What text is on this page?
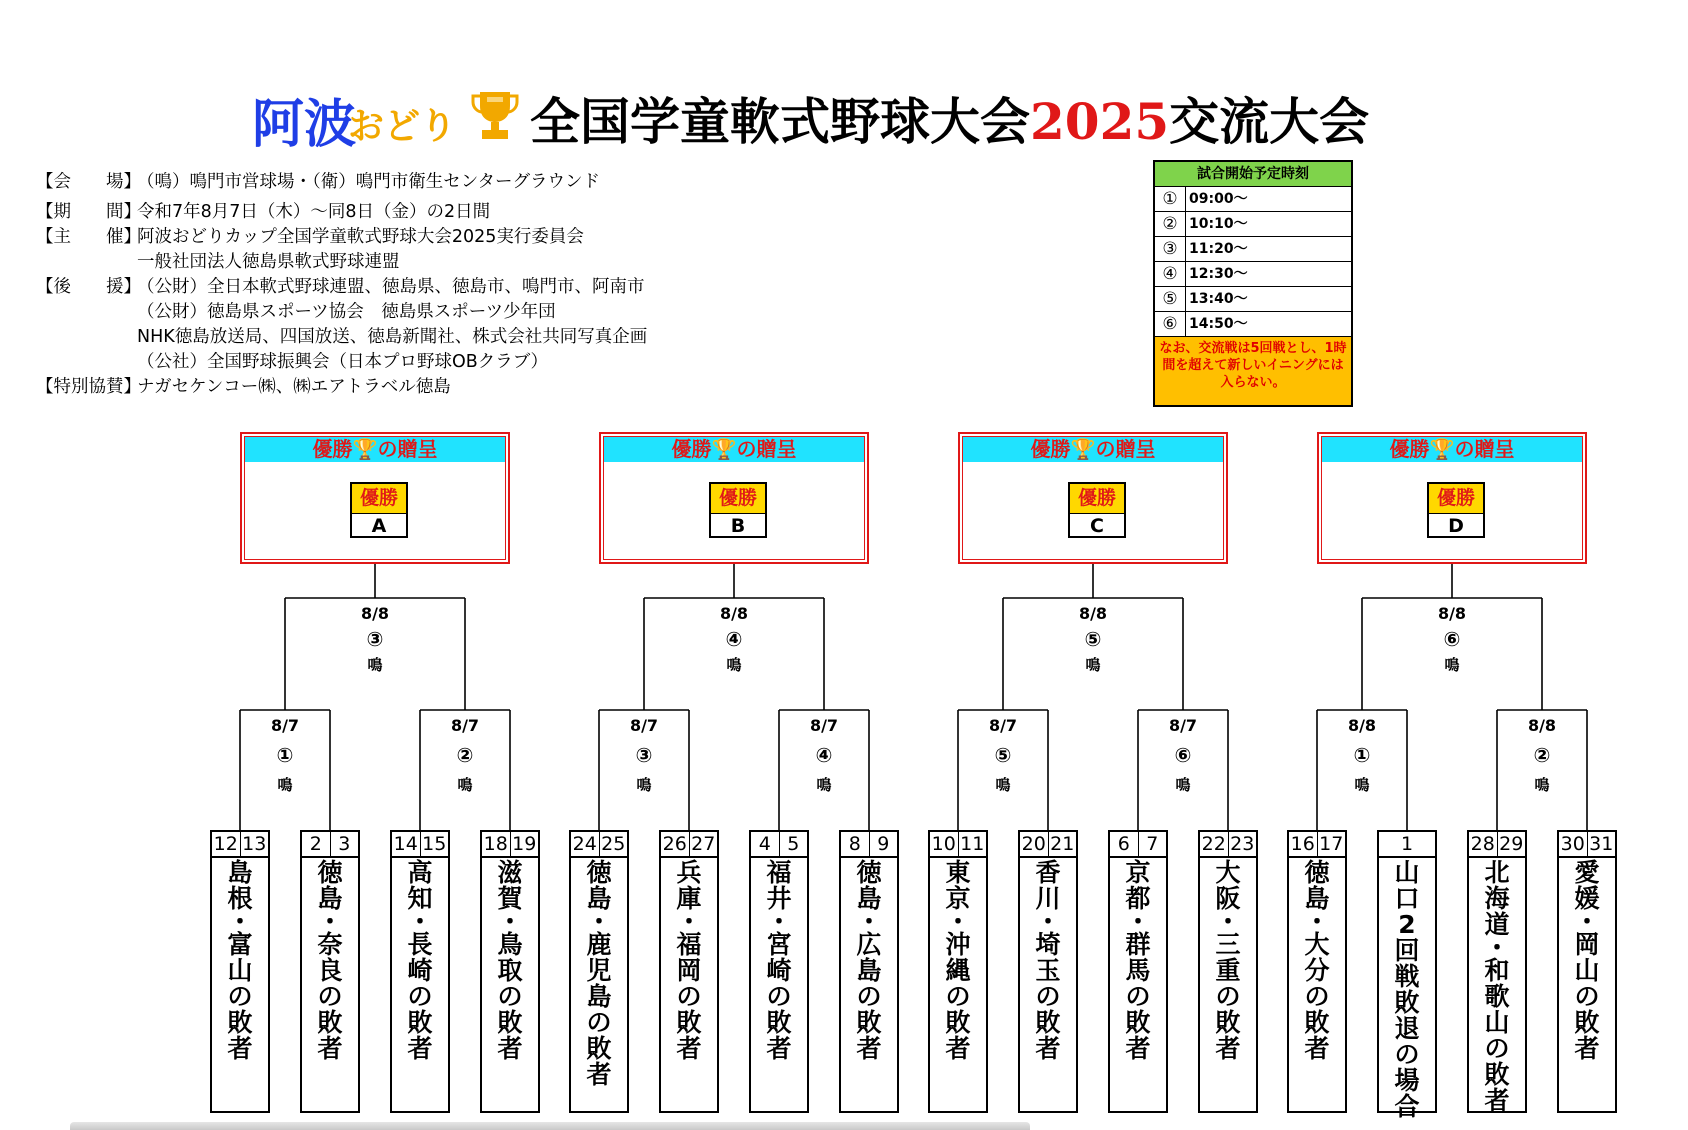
阿波
おどり 全国学童軟式野球大会2025交流大会
【会　　場】
（鳴）鳴門市営球場・（衛）鳴門市衛生センターグラウンド
【期　　間】
令和7年8月7日（木）～同8日（金）の2日間
【主　　催】
阿波おどりカップ全国学童軟式野球大会2025実行委員会
一般社団法人徳島県軟式野球連盟
【後　　援】
（公財）全日本軟式野球連盟、徳島県、徳島市、鳴門市、阿南市
（公財）徳島県スポーツ協会　徳島県スポーツ少年団
NHK徳島放送局、四国放送、徳島新聞社、株式会社共同写真企画
（公社）全国野球振興会（日本プロ野球OBクラブ）
【特別協賛】
ナガセケンコー㈱、㈱エアトラベル徳島
試合開始予定時刻
① 09:00～
② 10:10～
③ 11:20～
④ 12:30～
⑤ 13:40～
⑥ 14:50～
なお、交流戦は5回戦とし、1時間を超えて新しいイニングには入らない。
優勝🏆の贈呈
優勝
A
8/8
③
鳴
8/7
①
鳴
8/7
②
鳴
12 13
島
根
・
富
山
の
敗
者
2 3
徳
島
・
奈
良
の
敗
者
14 15
高
知
・
長
崎
の
敗
者
18 19
滋
賀
・
鳥
取
の
敗
者
優勝🏆の贈呈
優勝
B
8/8
④
鳴
8/7
③
鳴
8/7
④
鳴
24 25
徳
島
・
鹿
児
島
の
敗
者
26 27
兵
庫
・
福
岡
の
敗
者
4 5
福
井
・
宮
崎
の
敗
者
8 9
徳
島
・
広
島
の
敗
者
優勝🏆の贈呈
優勝
C
8/8
⑤
鳴
8/7
⑤
鳴
8/7
⑥
鳴
10 11
東
京
・
沖
縄
の
敗
者
20 21
香
川
・
埼
玉
の
敗
者
6 7
京
都
・
群
馬
の
敗
者
22 23
大
阪
・
三
重
の
敗
者
優勝🏆の贈呈
優勝
D
8/8
⑥
鳴
8/8
①
鳴
8/8
②
鳴
16 17
徳
島
・
大
分
の
敗
者
1
山
口
2
回
戦
敗
退
の
場
合
28 29
北
海
道
・
和
歌
山
の
敗
者
30 31
愛
媛
・
岡
山
の
敗
者
